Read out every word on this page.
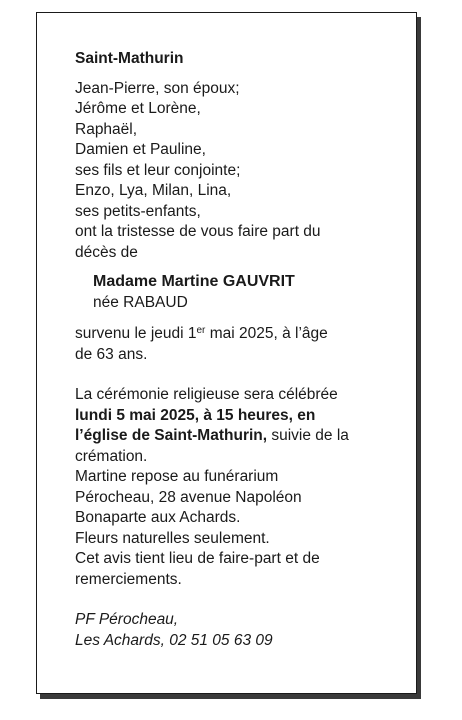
Saint-Mathurin
Jean-Pierre, son époux;
Jérôme et Lorène,
Raphaël,
Damien et Pauline,
ses fils et leur conjointe;
Enzo, Lya, Milan, Lina,
ses petits-enfants,
ont la tristesse de vous faire part du
décès de
Madame Martine GAUVRIT
née RABAUD
survenu le jeudi 1er mai 2025, à l’âge
de 63 ans.
La cérémonie religieuse sera célébrée
lundi 5 mai 2025, à 15 heures, en
l’église de Saint-Mathurin, suivie de la
crémation.
Martine repose au funérarium
Pérocheau, 28 avenue Napoléon
Bonaparte aux Achards.
Fleurs naturelles seulement.
Cet avis tient lieu de faire-part et de
remerciements.
PF Pérocheau,
Les Achards, 02 51 05 63 09
